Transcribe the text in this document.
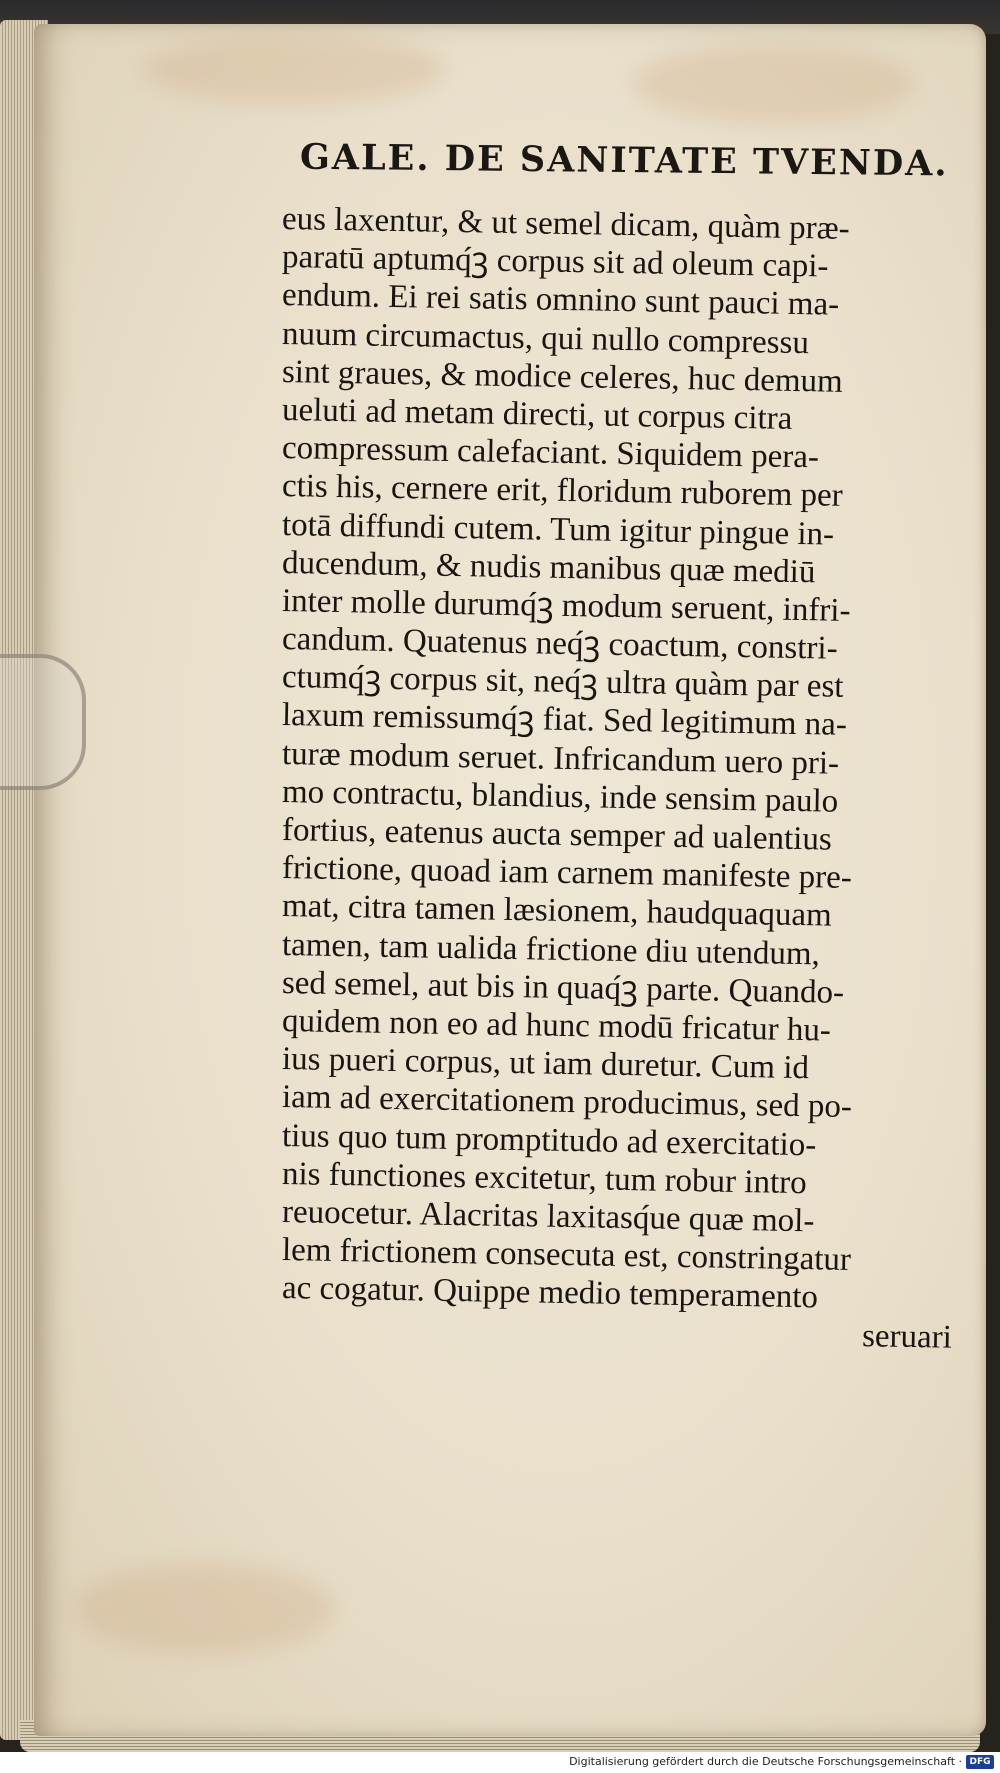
GALE. DE SANITATE TVENDA.
eus laxentur, & ut semel dicam, quàm præ-
paratū aptumq́ꝫ corpus sit ad oleum capi-
endum. Ei rei satis omnino sunt pauci ma-
nuum circumactus, qui nullo compressu
sint graues, & modice celeres, huc demum
ueluti ad metam directi, ut corpus citra
compressum calefaciant. Siquidem pera-
ctis his, cernere erit, floridum ruborem per
totā diffundi cutem. Tum igitur pingue in-
ducendum, & nudis manibus quæ mediū
inter molle durumq́ꝫ modum seruent, infri-
candum. Quatenus neq́ꝫ coactum, constri-
ctumq́ꝫ corpus sit, neq́ꝫ ultra quàm par est
laxum remissumq́ꝫ fiat. Sed legitimum na-
turæ modum seruet. Infricandum uero pri-
mo contractu, blandius, inde sensim paulo
fortius, eatenus aucta semper ad ualentius
frictione, quoad iam carnem manifeste pre-
mat, citra tamen læsionem, haudquaquam
tamen, tam ualida frictione diu utendum,
sed semel, aut bis in quaq́ꝫ parte. Quando-
quidem non eo ad hunc modū fricatur hu-
ius pueri corpus, ut iam duretur. Cum id
iam ad exercitationem producimus, sed po-
tius quo tum promptitudo ad exercitatio-
nis functiones excitetur, tum robur intro
reuocetur. Alacritas laxitasq́ue quæ mol-
lem frictionem consecuta est, constringatur
ac cogatur. Quippe medio temperamento
seruari
Digitalisierung gefördert durch die Deutsche Forschungsgemeinschaft · DFG
